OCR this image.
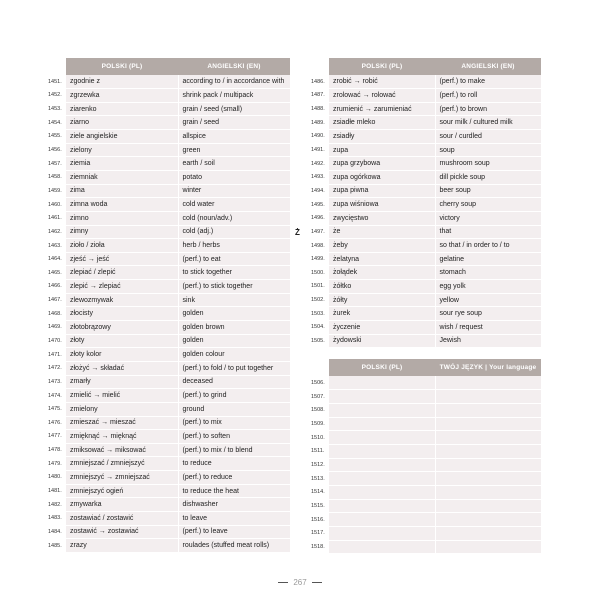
	POLSKI (PL)	ANGIELSKI (EN)
1451.	zgodnie z	according to / in accordance with
1452.	zgrzewka	shrink pack / multipack
1453.	ziarenko	grain / seed (small)
1454.	ziarno	grain / seed
1455.	ziele angielskie	allspice
1456.	zielony	green
1457.	ziemia	earth / soil
1458.	ziemniak	potato
1459.	zima	winter
1460.	zimna woda	cold water
1461.	zimno	cold (noun/adv.)
1462.	zimny	cold (adj.)
1463.	zioło / zioła	herb / herbs
1464.	zjeść → jeść	(perf.) to eat
1465.	zlepiać / zlepić	to stick together
1466.	zlepić → zlepiać	(perf.) to stick together
1467.	zlewozmywak	sink
1468.	złocisty	golden
1469.	złotobrązowy	golden brown
1470.	złoty	golden
1471.	złoty kolor	golden colour
1472.	złożyć → składać	(perf.) to fold / to put together
1473.	zmarły	deceased
1474.	zmielić → mielić	(perf.) to grind
1475.	zmielony	ground
1476.	zmieszać → mieszać	(perf.) to mix
1477.	zmięknąć → mięknąć	(perf.) to soften
1478.	zmiksować → miksować	(perf.) to mix / to blend
1479.	zmniejszać / zmniejszyć	to reduce
1480.	zmniejszyć → zmniejszać	(perf.) to reduce
1481.	zmniejszyć ogień	to reduce the heat
1482.	zmywarka	dishwasher
1483.	zostawiać / zostawić	to leave
1484.	zostawić → zostawiać	(perf.) to leave
1485.	zrazy	roulades (stuffed meat rolls)
Ż
	POLSKI (PL)	ANGIELSKI (EN)
1486.	zrobić → robić	(perf.) to make
1487.	zrolować → rolować	(perf.) to roll
1488.	zrumienić → zarumieniać	(perf.) to brown
1489.	zsiadłe mleko	sour milk / cultured milk
1490.	zsiadły	sour / curdled
1491.	zupa	soup
1492.	zupa grzybowa	mushroom soup
1493.	zupa ogórkowa	dill pickle soup
1494.	zupa piwna	beer soup
1495.	zupa wiśniowa	cherry soup
1496.	zwycięstwo	victory
1497.	że	that
1498.	żeby	so that / in order to / to
1499.	żelatyna	gelatine
1500.	żołądek	stomach
1501.	żółtko	egg yolk
1502.	żółty	yellow
1503.	żurek	sour rye soup
1504.	życzenie	wish / request
1505.	żydowski	Jewish
	POLSKI (PL)	TWÓJ JĘZYK | Your language
1506.		
1507.		
1508.		
1509.		
1510.		
1511.		
1512.		
1513.		
1514.		
1515.		
1516.		
1517.		
1518.		
267
